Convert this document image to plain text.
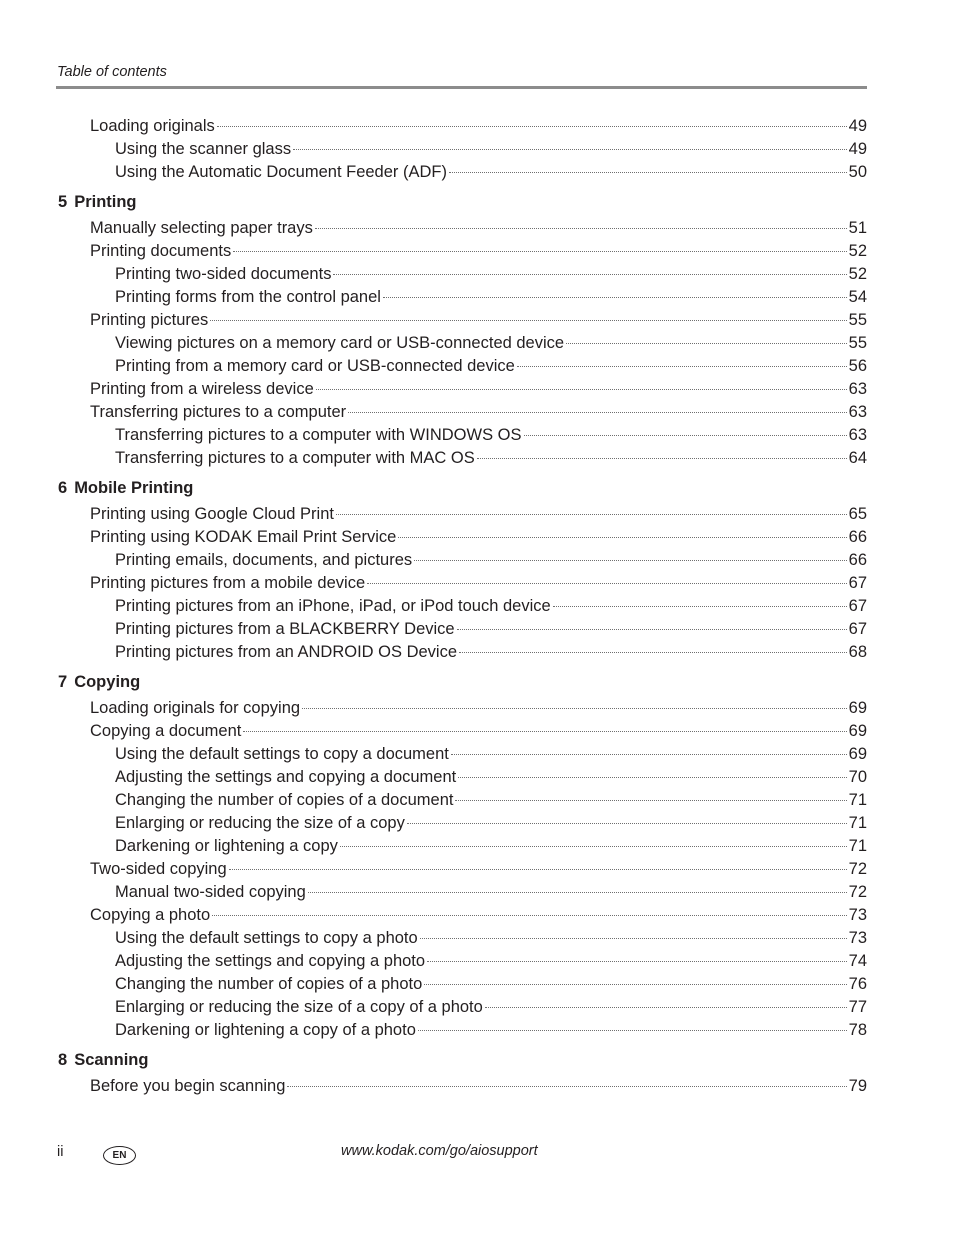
Table of contents
Loading originals	49
Using the scanner glass	49
Using the Automatic Document Feeder (ADF)	50
5 Printing
Manually selecting paper trays	51
Printing documents	52
Printing two-sided documents	52
Printing forms from the control panel	54
Printing pictures	55
Viewing pictures on a memory card or USB-connected device	55
Printing from a memory card or USB-connected device	56
Printing from a wireless device	63
Transferring pictures to a computer	63
Transferring pictures to a computer with WINDOWS OS	63
Transferring pictures to a computer with MAC OS	64
6 Mobile Printing
Printing using Google Cloud Print	65
Printing using KODAK Email Print Service	66
Printing emails, documents, and pictures	66
Printing pictures from a mobile device	67
Printing pictures from an iPhone, iPad, or iPod touch device	67
Printing pictures from a BLACKBERRY Device	67
Printing pictures from an ANDROID OS Device	68
7 Copying
Loading originals for copying	69
Copying a document	69
Using the default settings to copy a document	69
Adjusting the settings and copying a document	70
Changing the number of copies of a document	71
Enlarging or reducing the size of a copy	71
Darkening or lightening a copy	71
Two-sided copying	72
Manual two-sided copying	72
Copying a photo	73
Using the default settings to copy a photo	73
Adjusting the settings and copying a photo	74
Changing the number of copies of a photo	76
Enlarging or reducing the size of a copy of a photo	77
Darkening or lightening a copy of a photo	78
8 Scanning
Before you begin scanning	79
ii	EN	www.kodak.com/go/aiosupport
